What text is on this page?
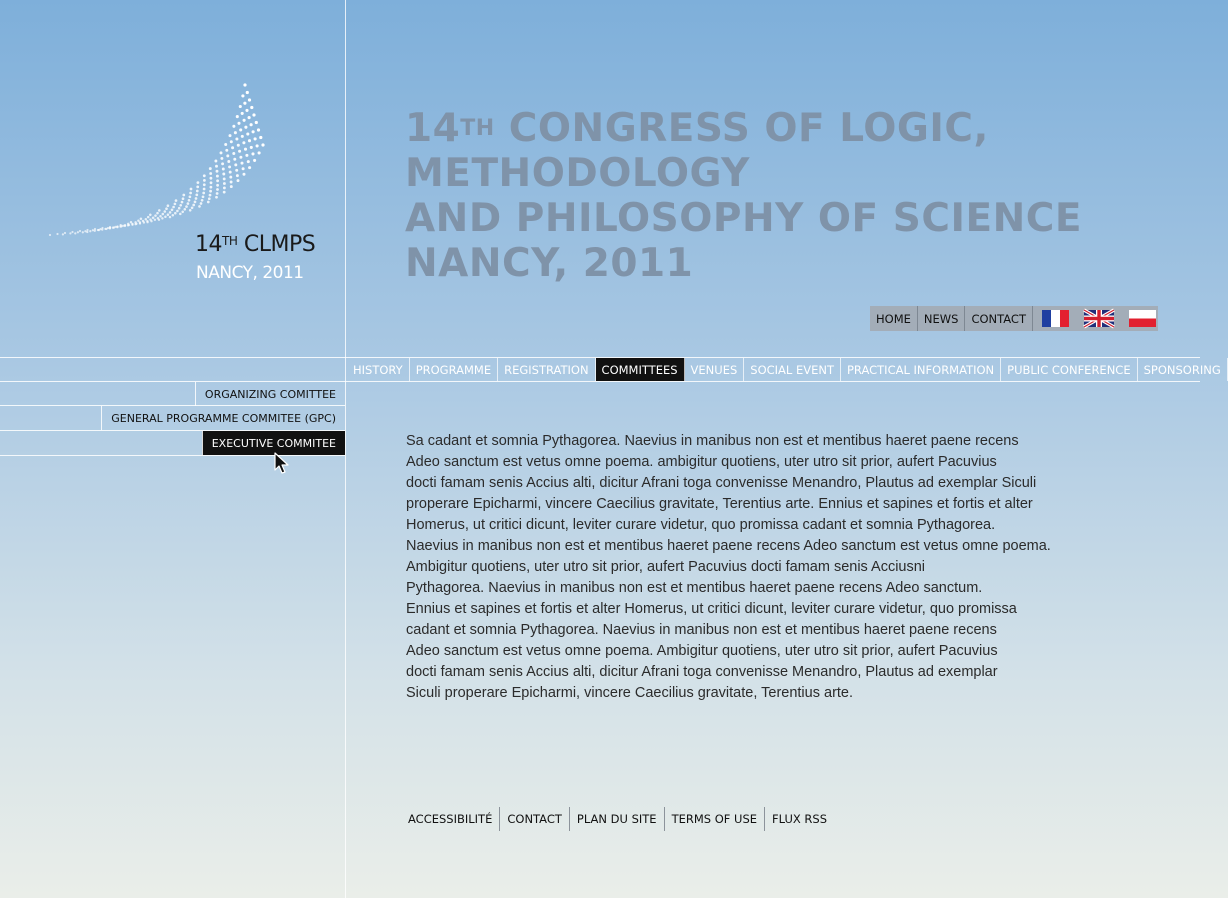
14TH CLMPS
NANCY, 2011
14TH CONGRESS OF LOGIC,
METHODOLOGY
AND PHILOSOPHY OF SCIENCE
NANCY, 2011
HOME	NEWS	CONTACT
HISTORY	PROGRAMME	REGISTRATION	COMMITTEES	VENUES	SOCIAL EVENT	PRACTICAL INFORMATION	PUBLIC CONFERENCE	SPONSORING
ORGANIZING COMITTEE
GENERAL PROGRAMME COMMITEE (GPC)
EXECUTIVE COMMITEE	Sa cadant et somnia Pythagorea. Naevius in manibus non est et mentibus haeret paene recens
Adeo sanctum est vetus omne poema. ambigitur quotiens, uter utro sit prior, aufert Pacuvius
docti famam senis Accius alti, dicitur Afrani toga convenisse Menandro, Plautus ad exemplar Siculi
properare Epicharmi, vincere Caecilius gravitate, Terentius arte. Ennius et sapines et fortis et alter
Homerus, ut critici dicunt, leviter curare videtur, quo promissa cadant et somnia Pythagorea.
Naevius in manibus non est et mentibus haeret paene recens Adeo sanctum est vetus omne poema.
Ambigitur quotiens, uter utro sit prior, aufert Pacuvius docti famam senis Acciusni
Pythagorea. Naevius in manibus non est et mentibus haeret paene recens Adeo sanctum.
Ennius et sapines et fortis et alter Homerus, ut critici dicunt, leviter curare videtur, quo promissa
cadant et somnia Pythagorea. Naevius in manibus non est et mentibus haeret paene recens
Adeo sanctum est vetus omne poema. Ambigitur quotiens, uter utro sit prior, aufert Pacuvius
docti famam senis Accius alti, dicitur Afrani toga convenisse Menandro, Plautus ad exemplar
Siculi properare Epicharmi, vincere Caecilius gravitate, Terentius arte.
ACCESSIBILITÉ	CONTACT	PLAN DU SITE	TERMS OF USE	FLUX RSS
